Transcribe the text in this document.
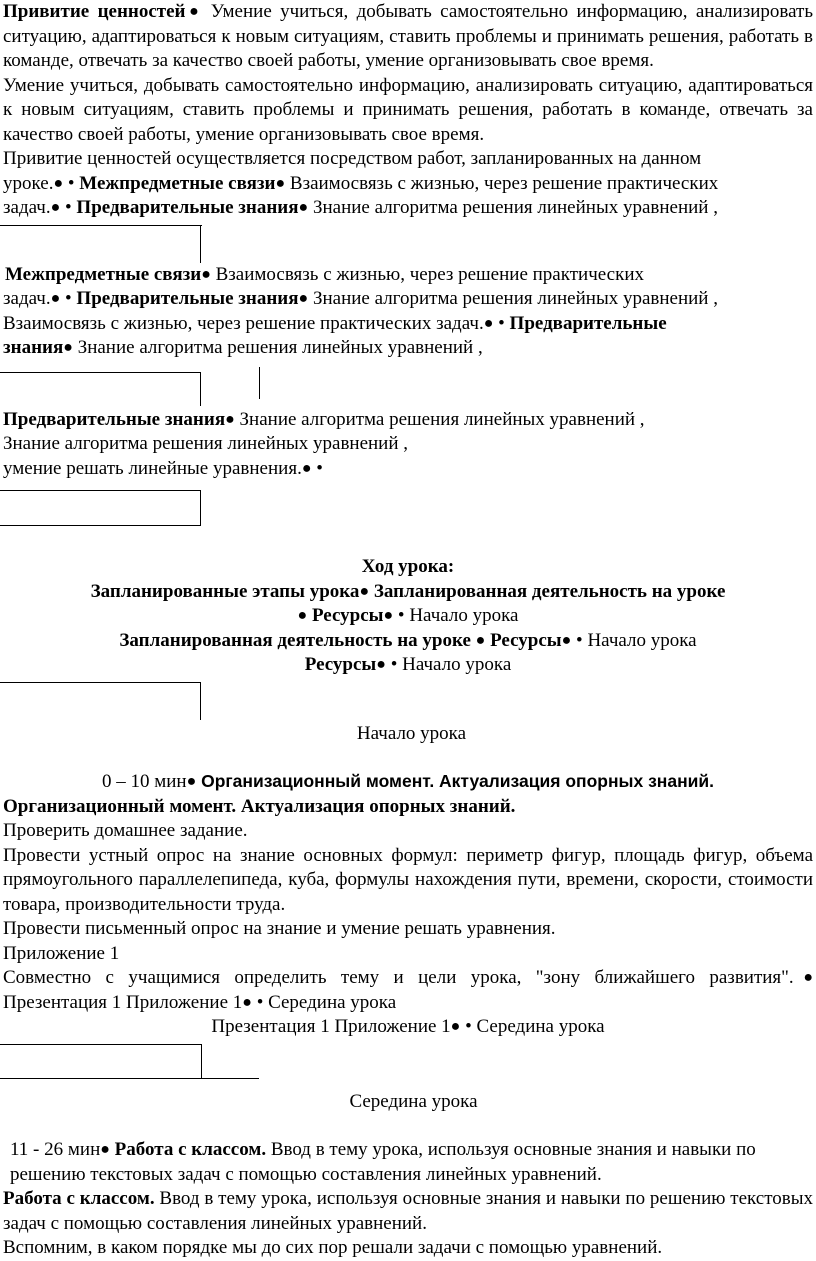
Привитие ценностей● Умение учиться, добывать самостоятельно информацию, анализировать ситуацию, адаптироваться к новым ситуациям, ставить проблемы и принимать решения, работать в команде, отвечать за качество своей работы, умение организовывать свое время.

Умение учиться, добывать самостоятельно информацию, анализировать ситуацию, адаптироваться к новым ситуациям, ставить проблемы и принимать решения, работать в команде, отвечать за качество своей работы, умение организовывать свое время.

Привитие ценностей осуществляется посредством работ, запланированных на данном

уроке.● • Межпредметные связи● Взаимосвязь с жизнью, через решение практических

задач.● • Предварительные знания● Знание алгоритма решения линейных уравнений ,

Межпредметные связи● Взаимосвязь с жизнью, через решение практических

задач.● • Предварительные знания● Знание алгоритма решения линейных уравнений ,

Взаимосвязь с жизнью, через решение практических задач.● • Предварительные

знания● Знание алгоритма решения линейных уравнений ,

Предварительные знания● Знание алгоритма решения линейных уравнений ,

Знание алгоритма решения линейных уравнений ,

умение решать линейные уравнения.● •

Ход урока:

Запланированные этапы урока● Запланированная деятельность на уроке

● Ресурсы● • Начало урока

Запланированная деятельность на уроке ● Ресурсы● • Начало урока

Ресурсы● • Начало урока

Начало урока

0 – 10 мин● Организационный момент. Актуализация опорных знаний.

Организационный момент. Актуализация опорных знаний.

Проверить домашнее задание.

Провести устный опрос на знание основных формул: периметр фигур, площадь фигур, объема прямоугольного параллелепипеда, куба, формулы нахождения пути, времени, скорости, стоимости товара, производительности труда.

Провести письменный опрос на знание и умение решать уравнения.

Приложение 1

Совместно с учащимися определить тему и цели урока, "зону ближайшего развития".● Презентация 1 Приложение 1● • Середина урока

Презентация 1 Приложение 1● • Середина урока

Середина урока

11 - 26 мин● Работа с классом. Ввод в тему урока, используя основные знания и навыки по решению текстовых задач с помощью составления линейных уравнений.

Работа с классом. Ввод в тему урока, используя основные знания и навыки по решению текстовых задач с помощью составления линейных уравнений.

Вспомним, в каком порядке мы до сих пор решали задачи с помощью уравнений.
